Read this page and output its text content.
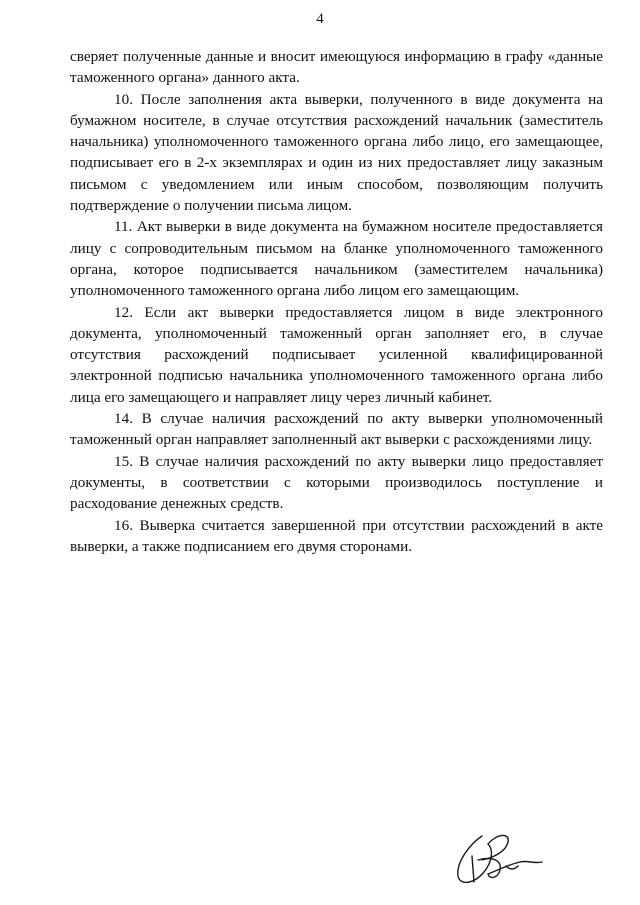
4

сверяет полученные данные и вносит имеющуюся информацию в графу «данные таможенного органа» данного акта.

10. После заполнения акта выверки, полученного в виде документа на бумажном носителе, в случае отсутствия расхождений начальник (заместитель начальника) уполномоченного таможенного органа либо лицо, его замещающее, подписывает его в 2-х экземплярах и один из них предоставляет лицу заказным письмом с уведомлением или иным способом, позволяющим получить подтверждение о получении письма лицом.

11. Акт выверки в виде документа на бумажном носителе предоставляется лицу с сопроводительным письмом на бланке уполномоченного таможенного органа, которое подписывается начальником (заместителем начальника) уполномоченного таможенного органа либо лицом его замещающим.

12. Если акт выверки предоставляется лицом в виде электронного документа, уполномоченный таможенный орган заполняет его, в случае отсутствия расхождений подписывает усиленной квалифицированной электронной подписью начальника уполномоченного таможенного органа либо лица его замещающего и направляет лицу через личный кабинет.

14. В случае наличия расхождений по акту выверки уполномоченный таможенный орган направляет заполненный акт выверки с расхождениями лицу.

15. В случае наличия расхождений по акту выверки лицо предоставляет документы, в соответствии с которыми производилось поступление и расходование денежных средств.

16. Выверка считается завершенной при отсутствии расхождений в акте выверки, а также подписанием его двумя сторонами.
